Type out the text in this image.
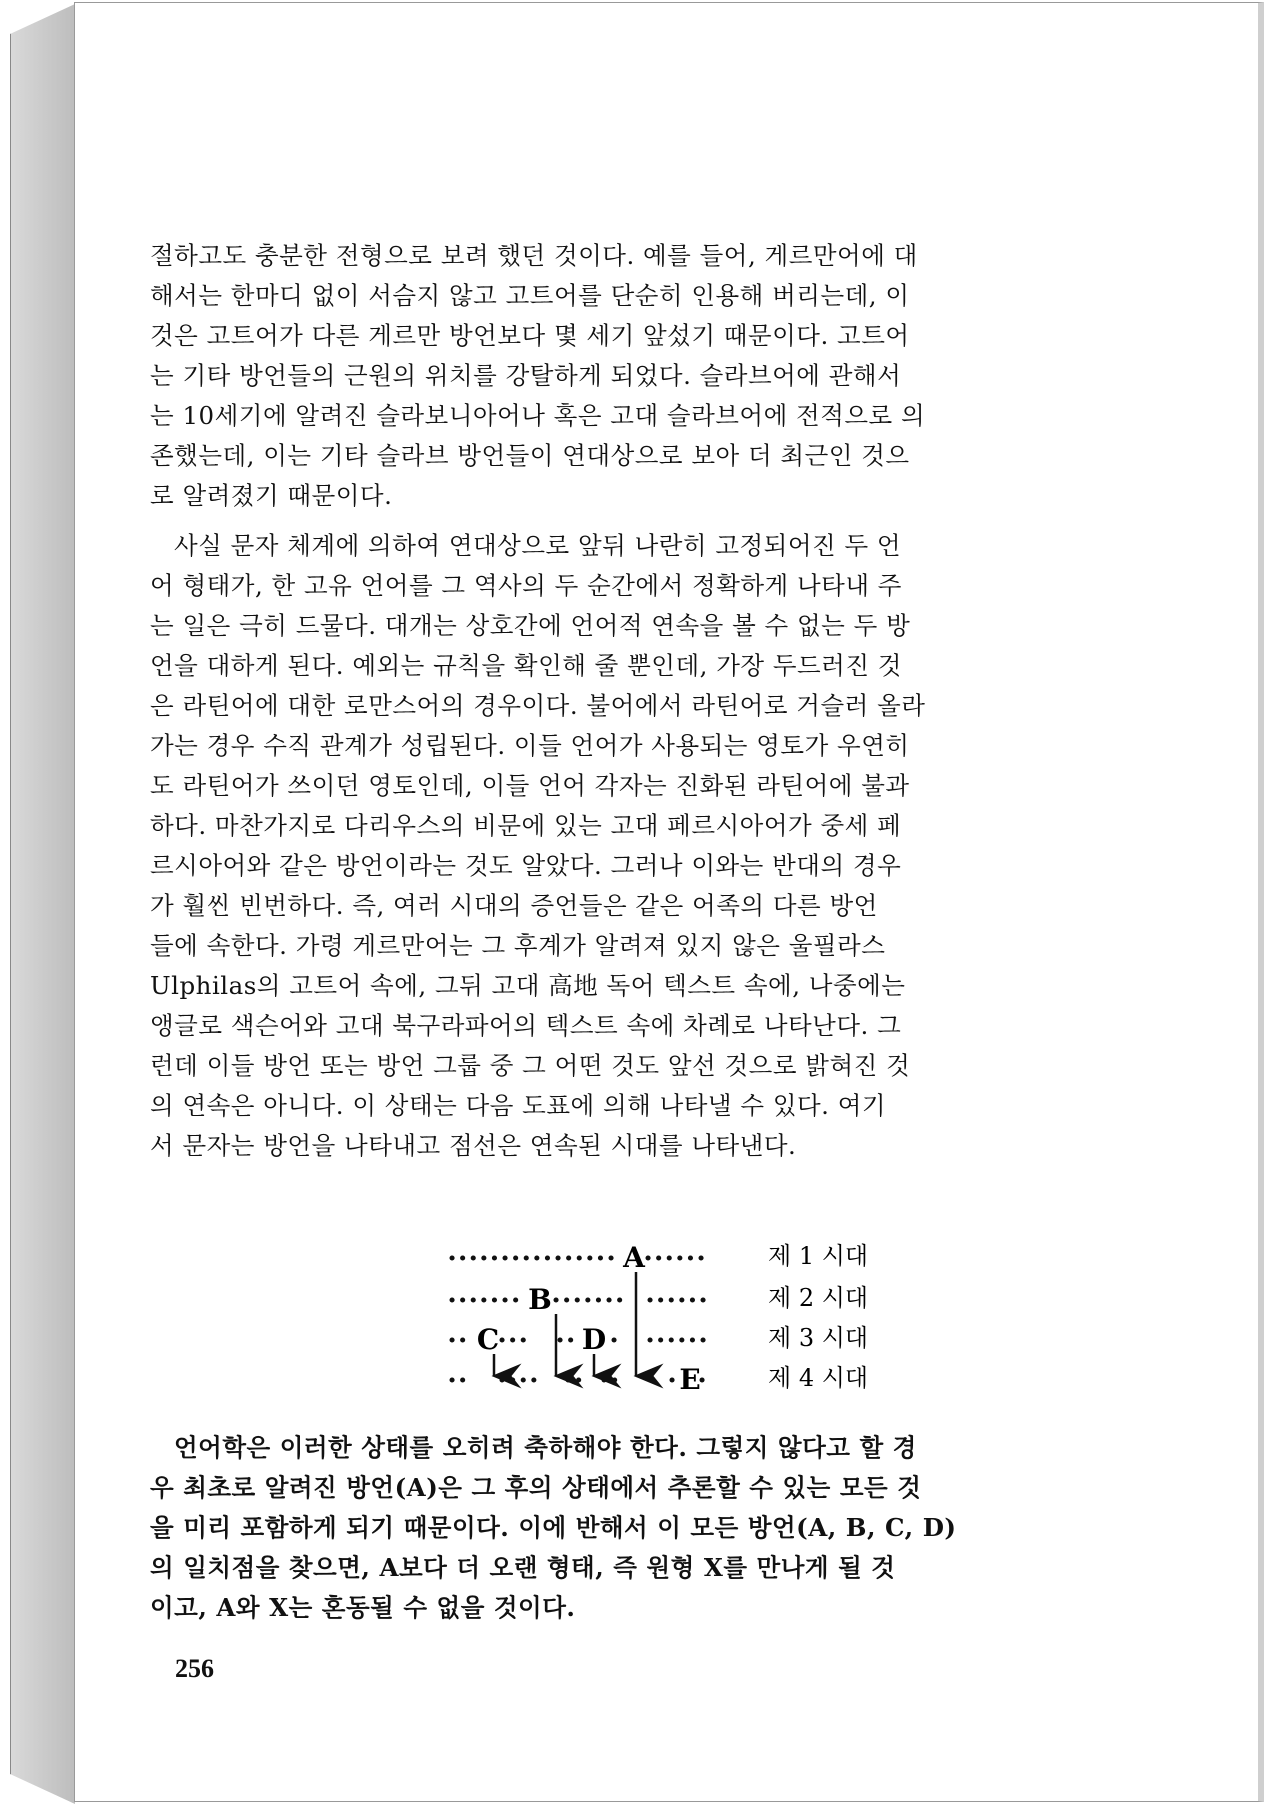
절하고도 충분한 전형으로 보려 했던 것이다. 예를 들어, 게르만어에 대
해서는 한마디 없이 서슴지 않고 고트어를 단순히 인용해 버리는데, 이
것은 고트어가 다른 게르만 방언보다 몇 세기 앞섰기 때문이다. 고트어
는 기타 방언들의 근원의 위치를 강탈하게 되었다. 슬라브어에 관해서
는 10세기에 알려진 슬라보니아어나 혹은 고대 슬라브어에 전적으로 의
존했는데, 이는 기타 슬라브 방언들이 연대상으로 보아 더 최근인 것으
로 알려졌기 때문이다.
사실 문자 체계에 의하여 연대상으로 앞뒤 나란히 고정되어진 두 언
어 형태가, 한 고유 언어를 그 역사의 두 순간에서 정확하게 나타내 주
는 일은 극히 드물다. 대개는 상호간에 언어적 연속을 볼 수 없는 두 방
언을 대하게 된다. 예외는 규칙을 확인해 줄 뿐인데, 가장 두드러진 것
은 라틴어에 대한 로만스어의 경우이다. 불어에서 라틴어로 거슬러 올라
가는 경우 수직 관계가 성립된다. 이들 언어가 사용되는 영토가 우연히
도 라틴어가 쓰이던 영토인데, 이들 언어 각자는 진화된 라틴어에 불과
하다. 마찬가지로 다리우스의 비문에 있는 고대 페르시아어가 중세 페
르시아어와 같은 방언이라는 것도 알았다. 그러나 이와는 반대의 경우
가 훨씬 빈번하다. 즉, 여러 시대의 증언들은 같은 어족의 다른 방언
들에 속한다. 가령 게르만어는 그 후계가 알려져 있지 않은 울필라스
Ulphilas의 고트어 속에, 그뒤 고대 高地 독어 텍스트 속에, 나중에는
앵글로 색슨어와 고대 북구라파어의 텍스트 속에 차례로 나타난다. 그
런데 이들 방언 또는 방언 그룹 중 그 어떤 것도 앞선 것으로 밝혀진 것
의 연속은 아니다. 이 상태는 다음 도표에 의해 나타낼 수 있다. 여기
서 문자는 방언을 나타내고 점선은 연속된 시대를 나타낸다.
A
B
C	D
E
제 1 시대
제 2 시대
제 3 시대
제 4 시대
언어학은 이러한 상태를 오히려 축하해야 한다. 그렇지 않다고 할 경
우 최초로 알려진 방언(A)은 그 후의 상태에서 추론할 수 있는 모든 것
을 미리 포함하게 되기 때문이다. 이에 반해서 이 모든 방언(A, B, C, D)
의 일치점을 찾으면, A보다 더 오랜 형태, 즉 원형 X를 만나게 될 것
이고, A와 X는 혼동될 수 없을 것이다.
256
